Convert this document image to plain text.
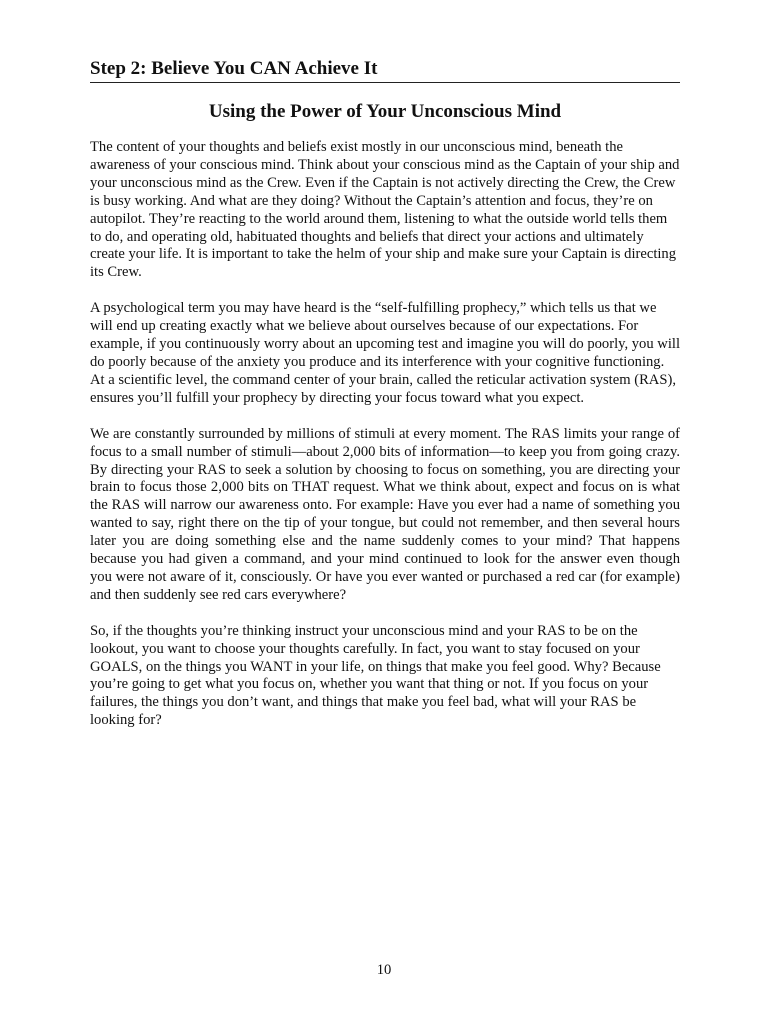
Step 2: Believe You CAN Achieve It
Using the Power of Your Unconscious Mind

The content of your thoughts and beliefs exist mostly in our unconscious mind, beneath the awareness of your conscious mind. Think about your conscious mind as the Captain of your ship and your unconscious mind as the Crew. Even if the Captain is not actively directing the Crew, the Crew is busy working. And what are they doing? Without the Captain’s attention and focus, they’re on autopilot. They’re reacting to the world around them, listening to what the outside world tells them to do, and operating old, habituated thoughts and beliefs that direct your actions and ultimately create your life. It is important to take the helm of your ship and make sure your Captain is directing its Crew.

A psychological term you may have heard is the “self-fulfilling prophecy,” which tells us that we will end up creating exactly what we believe about ourselves because of our expectations. For example, if you continuously worry about an upcoming test and imagine you will do poorly, you will do poorly because of the anxiety you produce and its interference with your cognitive functioning. At a scientific level, the command center of your brain, called the reticular activation system (RAS), ensures you’ll fulfill your prophecy by directing your focus toward what you expect.

We are constantly surrounded by millions of stimuli at every moment. The RAS limits your range of focus to a small number of stimuli—about 2,000 bits of information—to keep you from going crazy. By directing your RAS to seek a solution by choosing to focus on something, you are directing your brain to focus those 2,000 bits on THAT request. What we think about, expect and focus on is what the RAS will narrow our awareness onto. For example: Have you ever had a name of something you wanted to say, right there on the tip of your tongue, but could not remember, and then several hours later you are doing something else and the name suddenly comes to your mind? That happens because you had given a command, and your mind continued to look for the answer even though you were not aware of it, consciously. Or have you ever wanted or purchased a red car (for example) and then suddenly see red cars everywhere?

So, if the thoughts you’re thinking instruct your unconscious mind and your RAS to be on the lookout, you want to choose your thoughts carefully. In fact, you want to stay focused on your GOALS, on the things you WANT in your life, on things that make you feel good. Why? Because you’re going to get what you focus on, whether you want that thing or not. If you focus on your failures, the things you don’t want, and things that make you feel bad, what will your RAS be looking for?

10
